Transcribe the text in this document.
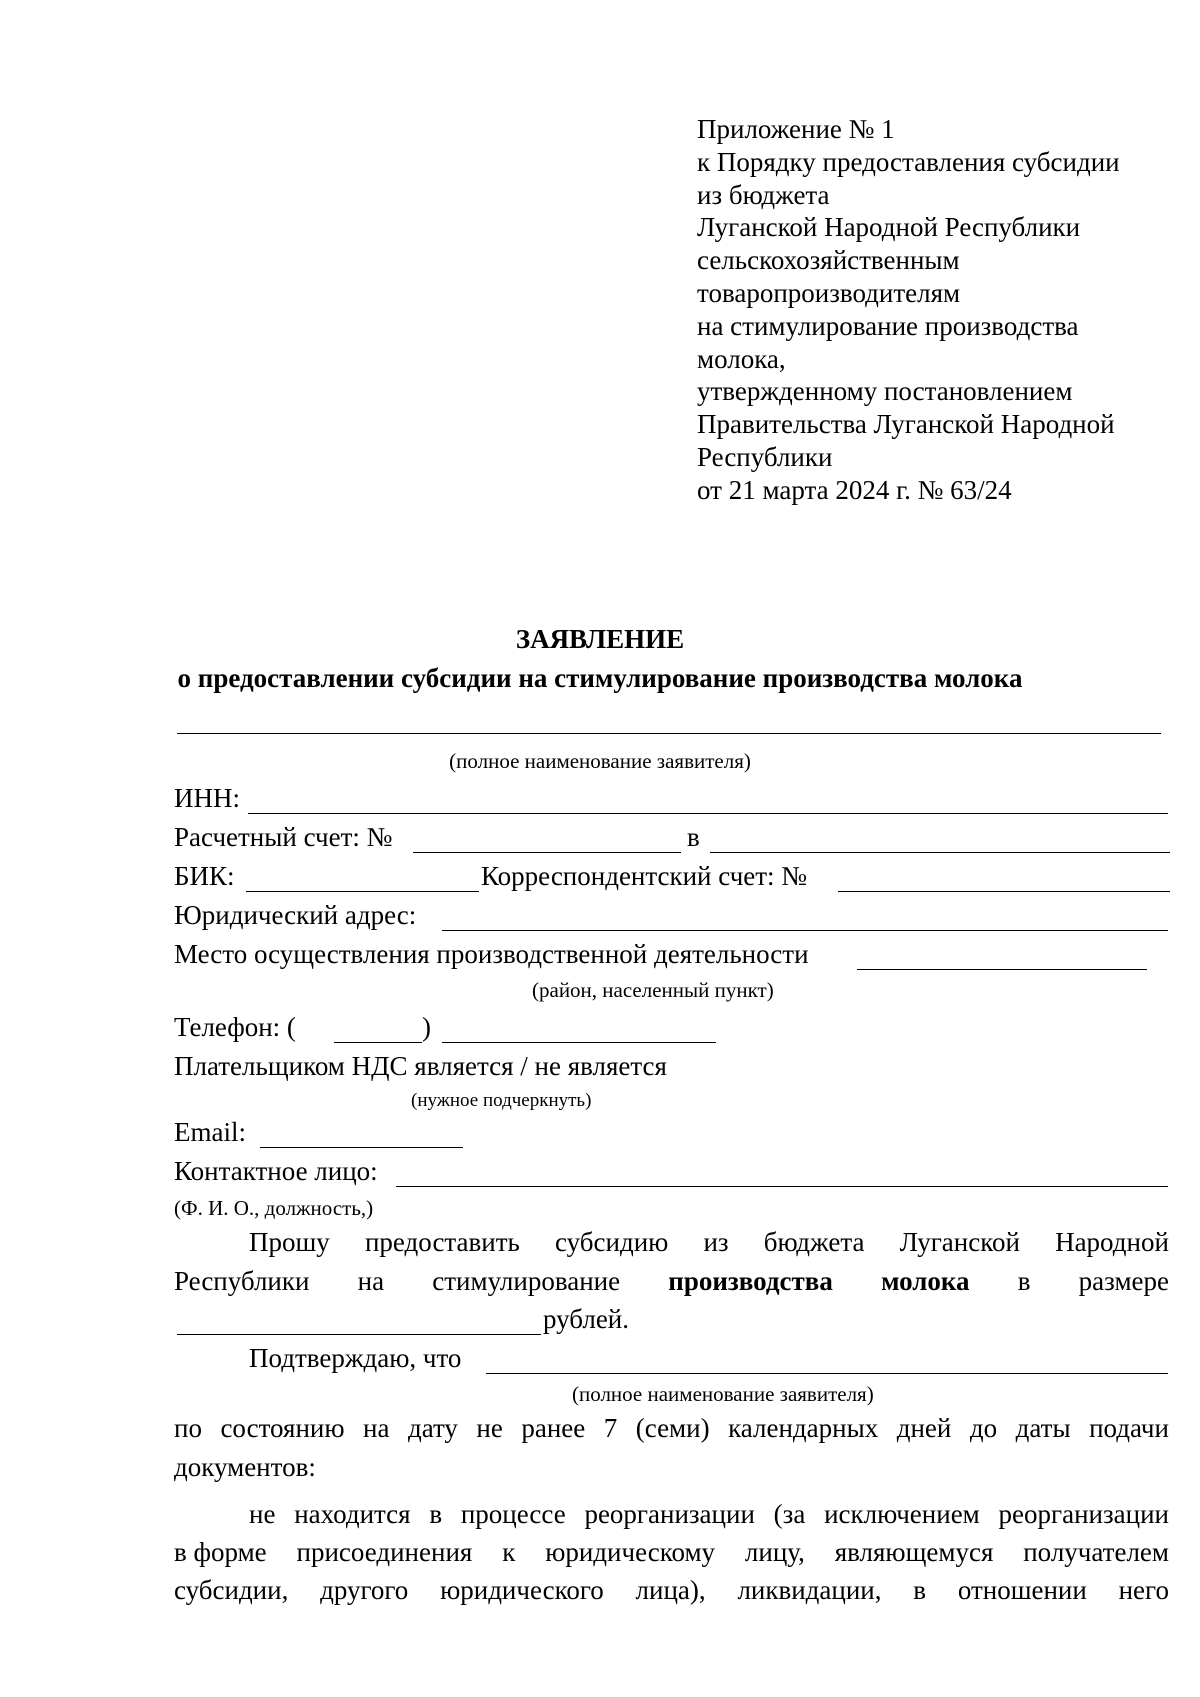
Приложение № 1
к Порядку предоставления субсидии
из бюджета
Луганской Народной Республики
сельскохозяйственным
товаропроизводителям
на стимулирование производства
молока,
утвержденному постановлением
Правительства Луганской Народной
Республики
от 21 марта 2024 г. № 63/24
ЗАЯВЛЕНИЕ
о предоставлении субсидии на стимулирование производства молока
(полное наименование заявителя)
ИНН:
Расчетный счет: №	в
БИК:	Корреспондентский счет: №
Юридический адрес:
Место осуществления производственной деятельности
(район, населенный пункт)
Телефон: (	)
Плательщиком НДС является / не является
(нужное подчеркнуть)
Email:
Контактное лицо:
(Ф. И. О., должность,)
Прошу предоставить субсидию из бюджета Луганской Народной
Республики на стимулирование производства молока в размере
рублей.
Подтверждаю, что
(полное наименование заявителя)
по состоянию на дату не ранее 7 (семи) календарных дней до даты подачи
документов:
не находится в процессе реорганизации (за исключением реорганизации
в форме присоединения к юридическому лицу, являющемуся получателем
субсидии, другого юридического лица), ликвидации, в отношении него
